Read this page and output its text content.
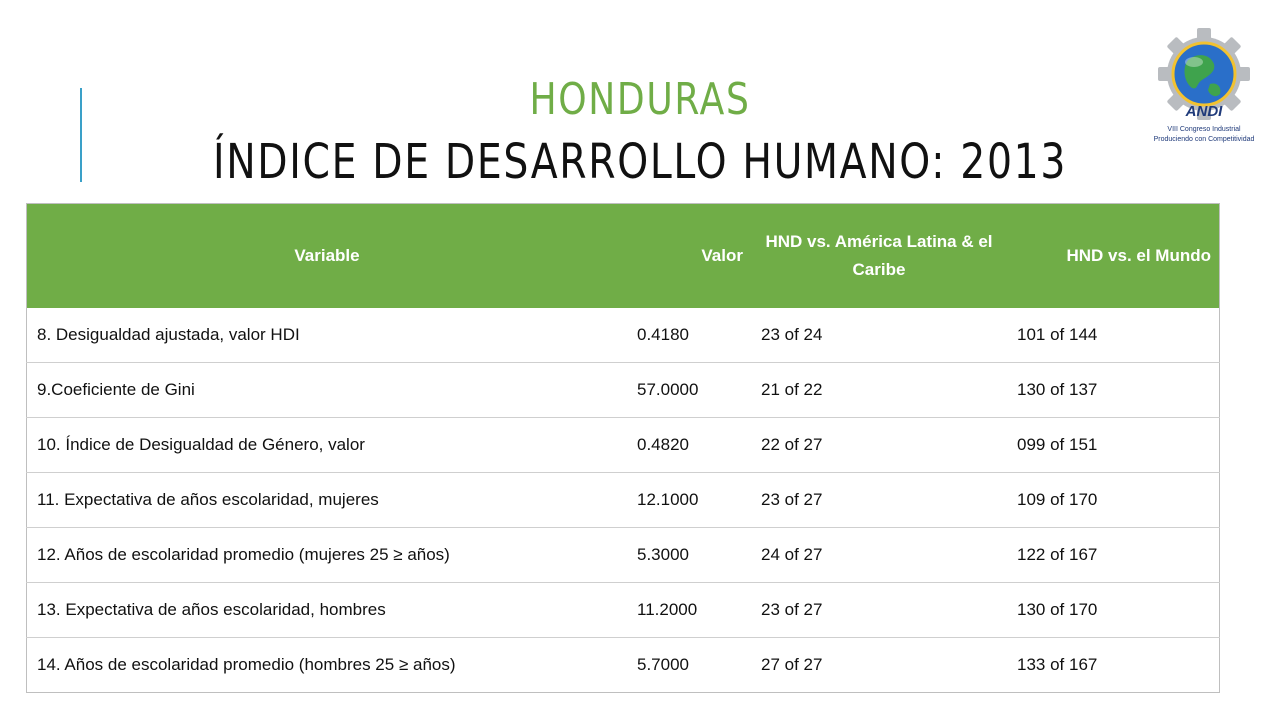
HONDURAS
ÍNDICE DE DESARROLLO HUMANO: 2013
ANDI
VIII Congreso Industrial
Produciendo con Competitividad
Variable	Valor	HND vs. América Latina & el Caribe	HND vs. el Mundo
8. Desigualdad ajustada, valor HDI	0.4180	23 of 24	101 of 144
9.Coeficiente de Gini	57.0000	21 of 22	130 of 137
10. Índice de Desigualdad de Género, valor	0.4820	22 of 27	099 of 151
11. Expectativa de años escolaridad, mujeres	12.1000	23 of 27	109 of 170
12. Años de escolaridad promedio (mujeres 25 ≥ años)	5.3000	24 of 27	122 of 167
13. Expectativa de años escolaridad, hombres	11.2000	23 of 27	130 of 170
14. Años de escolaridad promedio (hombres 25 ≥ años)	5.7000	27 of 27	133 of 167
